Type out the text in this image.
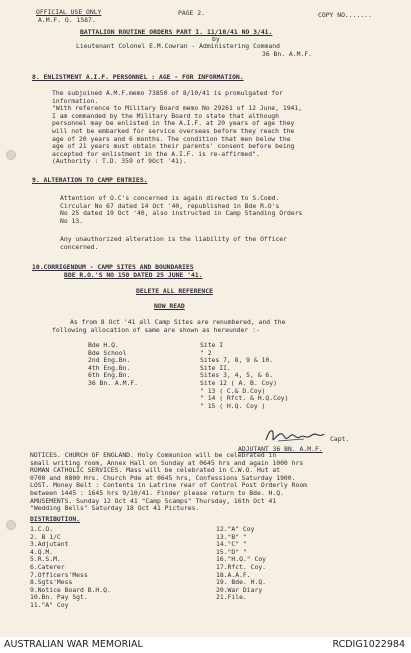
OFFICIAL USE ONLY
A.M.F. O. 1587.
PAGE 2.	COPY NO.......
BATTALION ROUTINE ORDERS PART I. 11/10/41 NO 3/41.
by
Lieutenant Colonel E.M.Cowran - Administering Command
36 Bn. A.M.F.
8. ENLISTMENT A.I.F. PERSONNEL : AGE - FOR INFORMATION.
The subjoined A.M.F.memo 73850 of 8/10/41 is promulgated for
information.
"With reference to Military Board memo No 29261 of 12 June, 1941,
I am commanded by the Military Board to state that although
personnel may be enlisted in the A.I.F. at 20 years of age they
will not be embarked for service overseas before they reach the
age of 20 years and 6 months. The condition that men below the
age of 21 years must obtain their parents' consent before being
accepted for enlistment in the A.I.F. is re-affirmed".
(Authority : T.D. 359 of 9Oct '41).
9. ALTERATION TO CAMP ENTRIES.
Attention of O.C's concerned is again directed to S.Comd.
Circular No 67 dated 14 Oct '40, republished in Bde R.O's
No 25 dated 19 Oct '40, also instructed in Camp Standing Orders
No 13.
Any unauthorized alteration is the liability of the Officer
concerned.
10.CORRIGENDUM - CAMP SITES AND BOUNDARIES
BDE R.O.'S NO 150 DATED 25 JUNE '41.
DELETE ALL REFERENCE
NOW READ
As from 8 Oct '41 all Camp Sites are renumbered, and the
following allocation of same are shown as hereunder :-
Bde H.Q.
Bde School
2nd Eng.Bn.
4th Eng.Bn.
6th Eng.Bn.
36 Bn. A.M.F.
Site I
" 2
Sites 7, 8, 9 & 10.
Site II.
Sites 3, 4, 5, & 6.
Site 12 ( A. B. Coy)
" 13 ( C.& D.Coy)
" 14 ( Rfct. & H.Q.Coy)
" 15 ( H.Q. Coy )
Capt.
ADJUTANT 36 BN. A.M.F.
NOTICES. CHURCH OF ENGLAND. Holy Communion will be celebrated in
small writing room, Annex Hall on Sunday at 0645 hrs and again 1000 hrs
ROMAN CATHOLIC SERVICES. Mass will be celebrated in C.W.O. Hut at
0700 and 0800 Hrs. Church Pde at 0645 hrs, Confessions Saturday 1900.
LOST. Money Belt : Contents in Latrine rear of Control Post Orderly Room
between 1445 : 1645 hrs 9/10/41. Finder please return to Bde. H.Q.
AMUSEMENTS. Sunday 12 Oct 41 "Camp Scamps" Thursday, 16th Oct 41
"Wedding Bells" Saturday 18 Oct 41 Pictures.
DISTRIBUTION.
1.C.O.
2. B 1/C
3.Adjutant
4.Q.M.
5.R.S.M.
6.Caterer
7.Officers'Mess
8.Sgts'Mess
9.Notice Board B.H.Q.
10.Bn. Pay Sgt.
11."A" Coy
12."A" Coy
13."B" "
14."C" "
15."D" "
16."H.Q." Coy
17.Rfct. Coy.
18.A.A.F.
19. Bde. H.Q.
20.War Diary
21.File.
AUSTRALIAN WAR MEMORIAL	RCDIG1022984
